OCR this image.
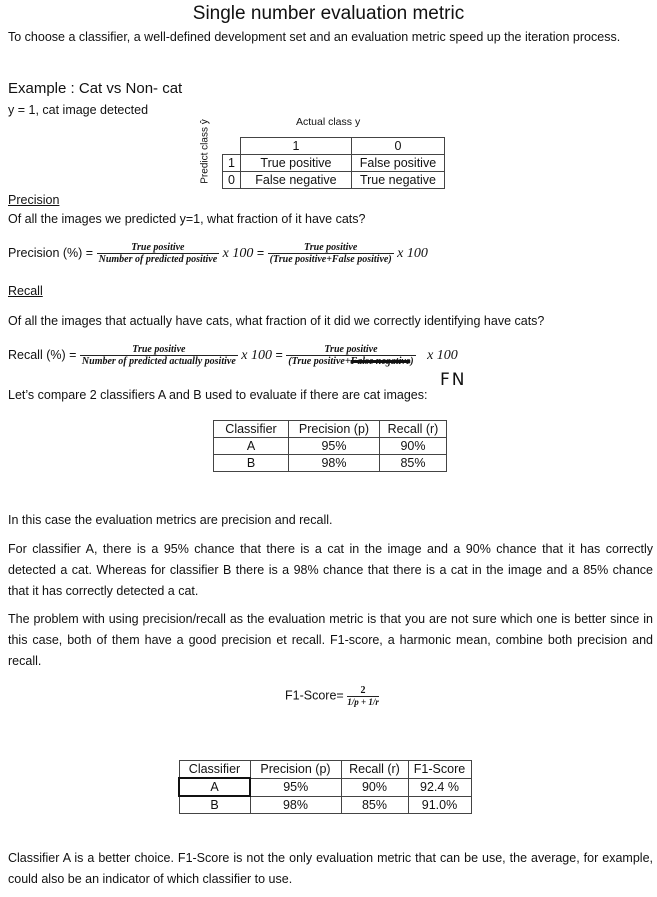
Single number evaluation metric
To choose a classifier, a well-defined development set and an evaluation metric speed up the iteration process.
Example : Cat vs Non- cat
y = 1, cat image detected
Actual class y
Predict class ŷ
		1	0
1	True positive	False positive
0	False negative	True negative
Precision
Of all the images we predicted y=1, what fraction of it have cats?
Precision (%) = $\frac{\text{True positive}}{\text{Number of predicted positive}}$ x $100 = \frac{\text{True positive}}{\text{(True positive+False positive)}}$ x 100
Recall
Of all the images that actually have cats, what fraction of it did we correctly identifying have cats?
Recall (%) = $\frac{\text{True positive}}{\text{Number of predicted actually positive}}$ x $100 = \frac{\text{True positive}}{\text{(True positive+False negative)}}$ x 100
FN
Let’s compare 2 classifiers A and B used to evaluate if there are cat images:
Classifier	Precision (p)	Recall (r)
A	95%	90%
B	98%	85%
In this case the evaluation metrics are precision and recall.
For classifier A, there is a 95% chance that there is a cat in the image and a 90% chance that it has correctly detected a cat. Whereas for classifier B there is a 98% chance that there is a cat in the image and a 85% chance that it has correctly detected a cat.
The problem with using precision/recall as the evaluation metric is that you are not sure which one is better since in this case, both of them have a good precision et recall. F1-score, a harmonic mean, combine both precision and recall.
F1-Score= $\frac{2}{1/p + 1/r}$
Classifier	Precision (p)	Recall (r)	F1-Score
A	95%	90%	92.4 %
B	98%	85%	91.0%
Classifier A is a better choice. F1-Score is not the only evaluation metric that can be use, the average, for example, could also be an indicator of which classifier to use.
